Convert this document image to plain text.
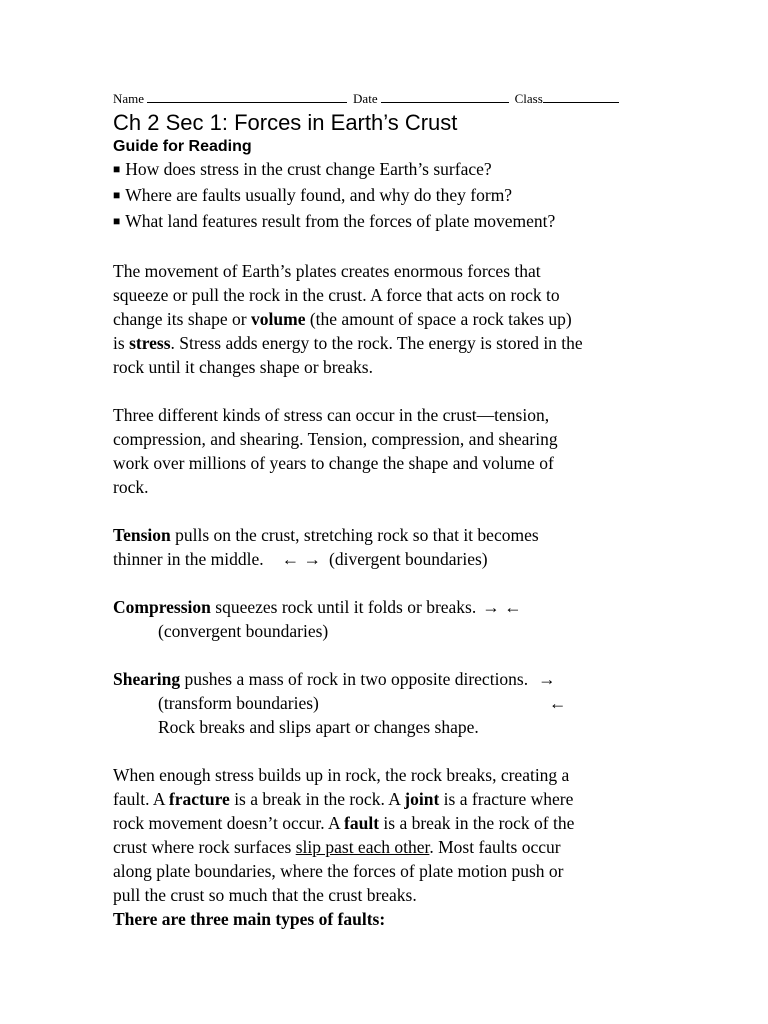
Name	Date	Class
Ch 2 Sec 1: Forces in Earth’s Crust
Guide for Reading
■ How does stress in the crust change Earth’s surface?
■ Where are faults usually found, and why do they form?
■ What land features result from the forces of plate movement?

The movement of Earth’s plates creates enormous forces that

squeeze or pull the rock in the crust. A force that acts on rock to

change its shape or volume (the amount of space a rock takes up)

is stress. Stress adds energy to the rock. The energy is stored in the

rock until it changes shape or breaks.

Three different kinds of stress can occur in the crust—tension,

compression, and shearing. Tension, compression, and shearing

work over millions of years to change the shape and volume of

rock.

Tension pulls on the crust, stretching rock so that it becomes

thinner in the middle. ← → (divergent boundaries)

Compression squeezes rock until it folds or breaks. → ←

(convergent boundaries)

Shearing pushes a mass of rock in two opposite directions. →

(transform boundaries)	←

Rock breaks and slips apart or changes shape.

When enough stress builds up in rock, the rock breaks, creating a

fault. A fracture is a break in the rock. A joint is a fracture where

rock movement doesn’t occur. A fault is a break in the rock of the

crust where rock surfaces slip past each other. Most faults occur

along plate boundaries, where the forces of plate motion push or

pull the crust so much that the crust breaks.

There are three main types of faults:
